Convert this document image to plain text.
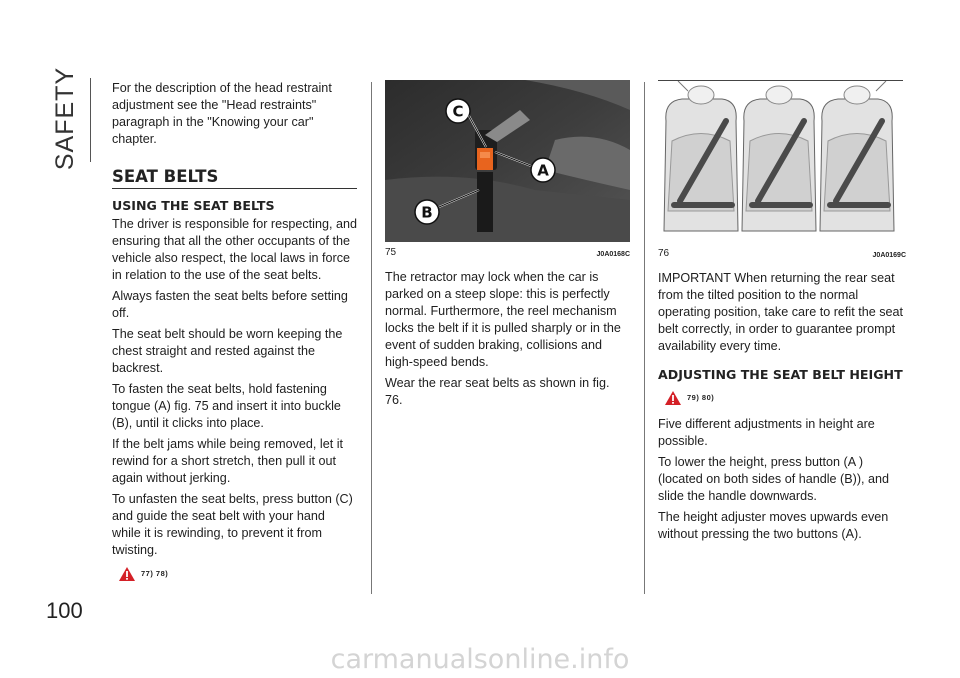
SAFETY
100

For the description of the head restraint adjustment see the "Head restraints" paragraph in the "Knowing your car" chapter.

SEAT BELTS
USING THE SEAT BELTS

The driver is responsible for respecting, and ensuring that all the other occupants of the vehicle also respect, the local laws in force in relation to the use of the seat belts.

Always fasten the seat belts before setting off.

The seat belt should be worn keeping the chest straight and rested against the backrest.

To fasten the seat belts, hold fastening tongue (A) fig. 75 and insert it into buckle (B), until it clicks into place.

If the belt jams while being removed, let it rewind for a short stretch, then pull it out again without jerking.

To unfasten the seat belts, press button (C) and guide the seat belt with your hand while it is rewinding, to prevent it from twisting.

77) 78)
C
A
B
75	J0A0168C

The retractor may lock when the car is parked on a steep slope: this is perfectly normal. Furthermore, the reel mechanism locks the belt if it is pulled sharply or in the event of sudden braking, collisions and high-speed bends.

Wear the rear seat belts as shown in fig. 76.

76	J0A0169C

IMPORTANT When returning the rear seat from the tilted position to the normal operating position, take care to refit the seat belt correctly, in order to guarantee prompt availability every time.

ADJUSTING THE SEAT BELT HEIGHT
79) 80)

Five different adjustments in height are possible.

To lower the height, press button (A ) (located on both sides of handle (B)), and slide the handle downwards.

The height adjuster moves upwards even without pressing the two buttons (A).

carmanualsonline.info
